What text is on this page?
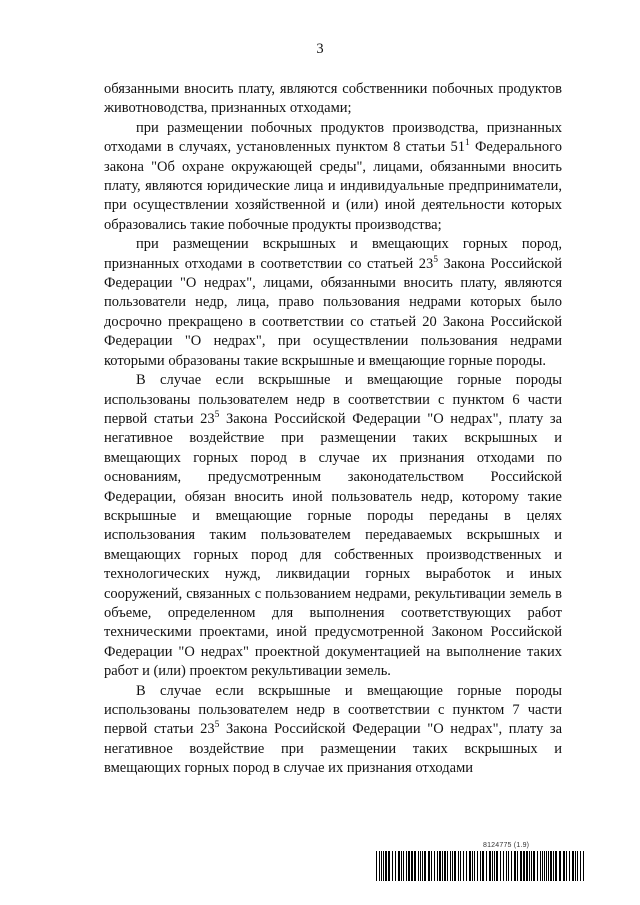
3

обязанными вносить плату, являются собственники побочных продуктов животноводства, признанных отходами;

при размещении побочных продуктов производства, признанных отходами в случаях, установленных пунктом 8 статьи $51^1$ Федерального закона "Об охране окружающей среды", лицами, обязанными вносить плату, являются юридические лица и индивидуальные предприниматели, при осуществлении хозяйственной и (или) иной деятельности которых образовались такие побочные продукты производства;

при размещении вскрышных и вмещающих горных пород, признанных отходами в соответствии со статьей $23^5$ Закона Российской Федерации "О недрах", лицами, обязанными вносить плату, являются пользователи недр, лица, право пользования недрами которых было досрочно прекращено в соответствии со статьей 20 Закона Российской Федерации "О недрах", при осуществлении пользования недрами которыми образованы такие вскрышные и вмещающие горные породы.

В случае если вскрышные и вмещающие горные породы использованы пользователем недр в соответствии с пунктом 6 части первой статьи $23^5$ Закона Российской Федерации "О недрах", плату за негативное воздействие при размещении таких вскрышных и вмещающих горных пород в случае их признания отходами по основаниям, предусмотренным законодательством Российской Федерации, обязан вносить иной пользователь недр, которому такие вскрышные и вмещающие горные породы переданы в целях использования таким пользователем передаваемых вскрышных и вмещающих горных пород для собственных производственных и технологических нужд, ликвидации горных выработок и иных сооружений, связанных с пользованием недрами, рекультивации земель в объеме, определенном для выполнения соответствующих работ техническими проектами, иной предусмотренной Законом Российской Федерации "О недрах" проектной документацией на выполнение таких работ и (или) проектом рекультивации земель.

В случае если вскрышные и вмещающие горные породы использованы пользователем недр в соответствии с пунктом 7 части первой статьи $23^5$ Закона Российской Федерации "О недрах", плату за негативное воздействие при размещении таких вскрышных и вмещающих горных пород в случае их признания отходами

8124775 (1.9)
